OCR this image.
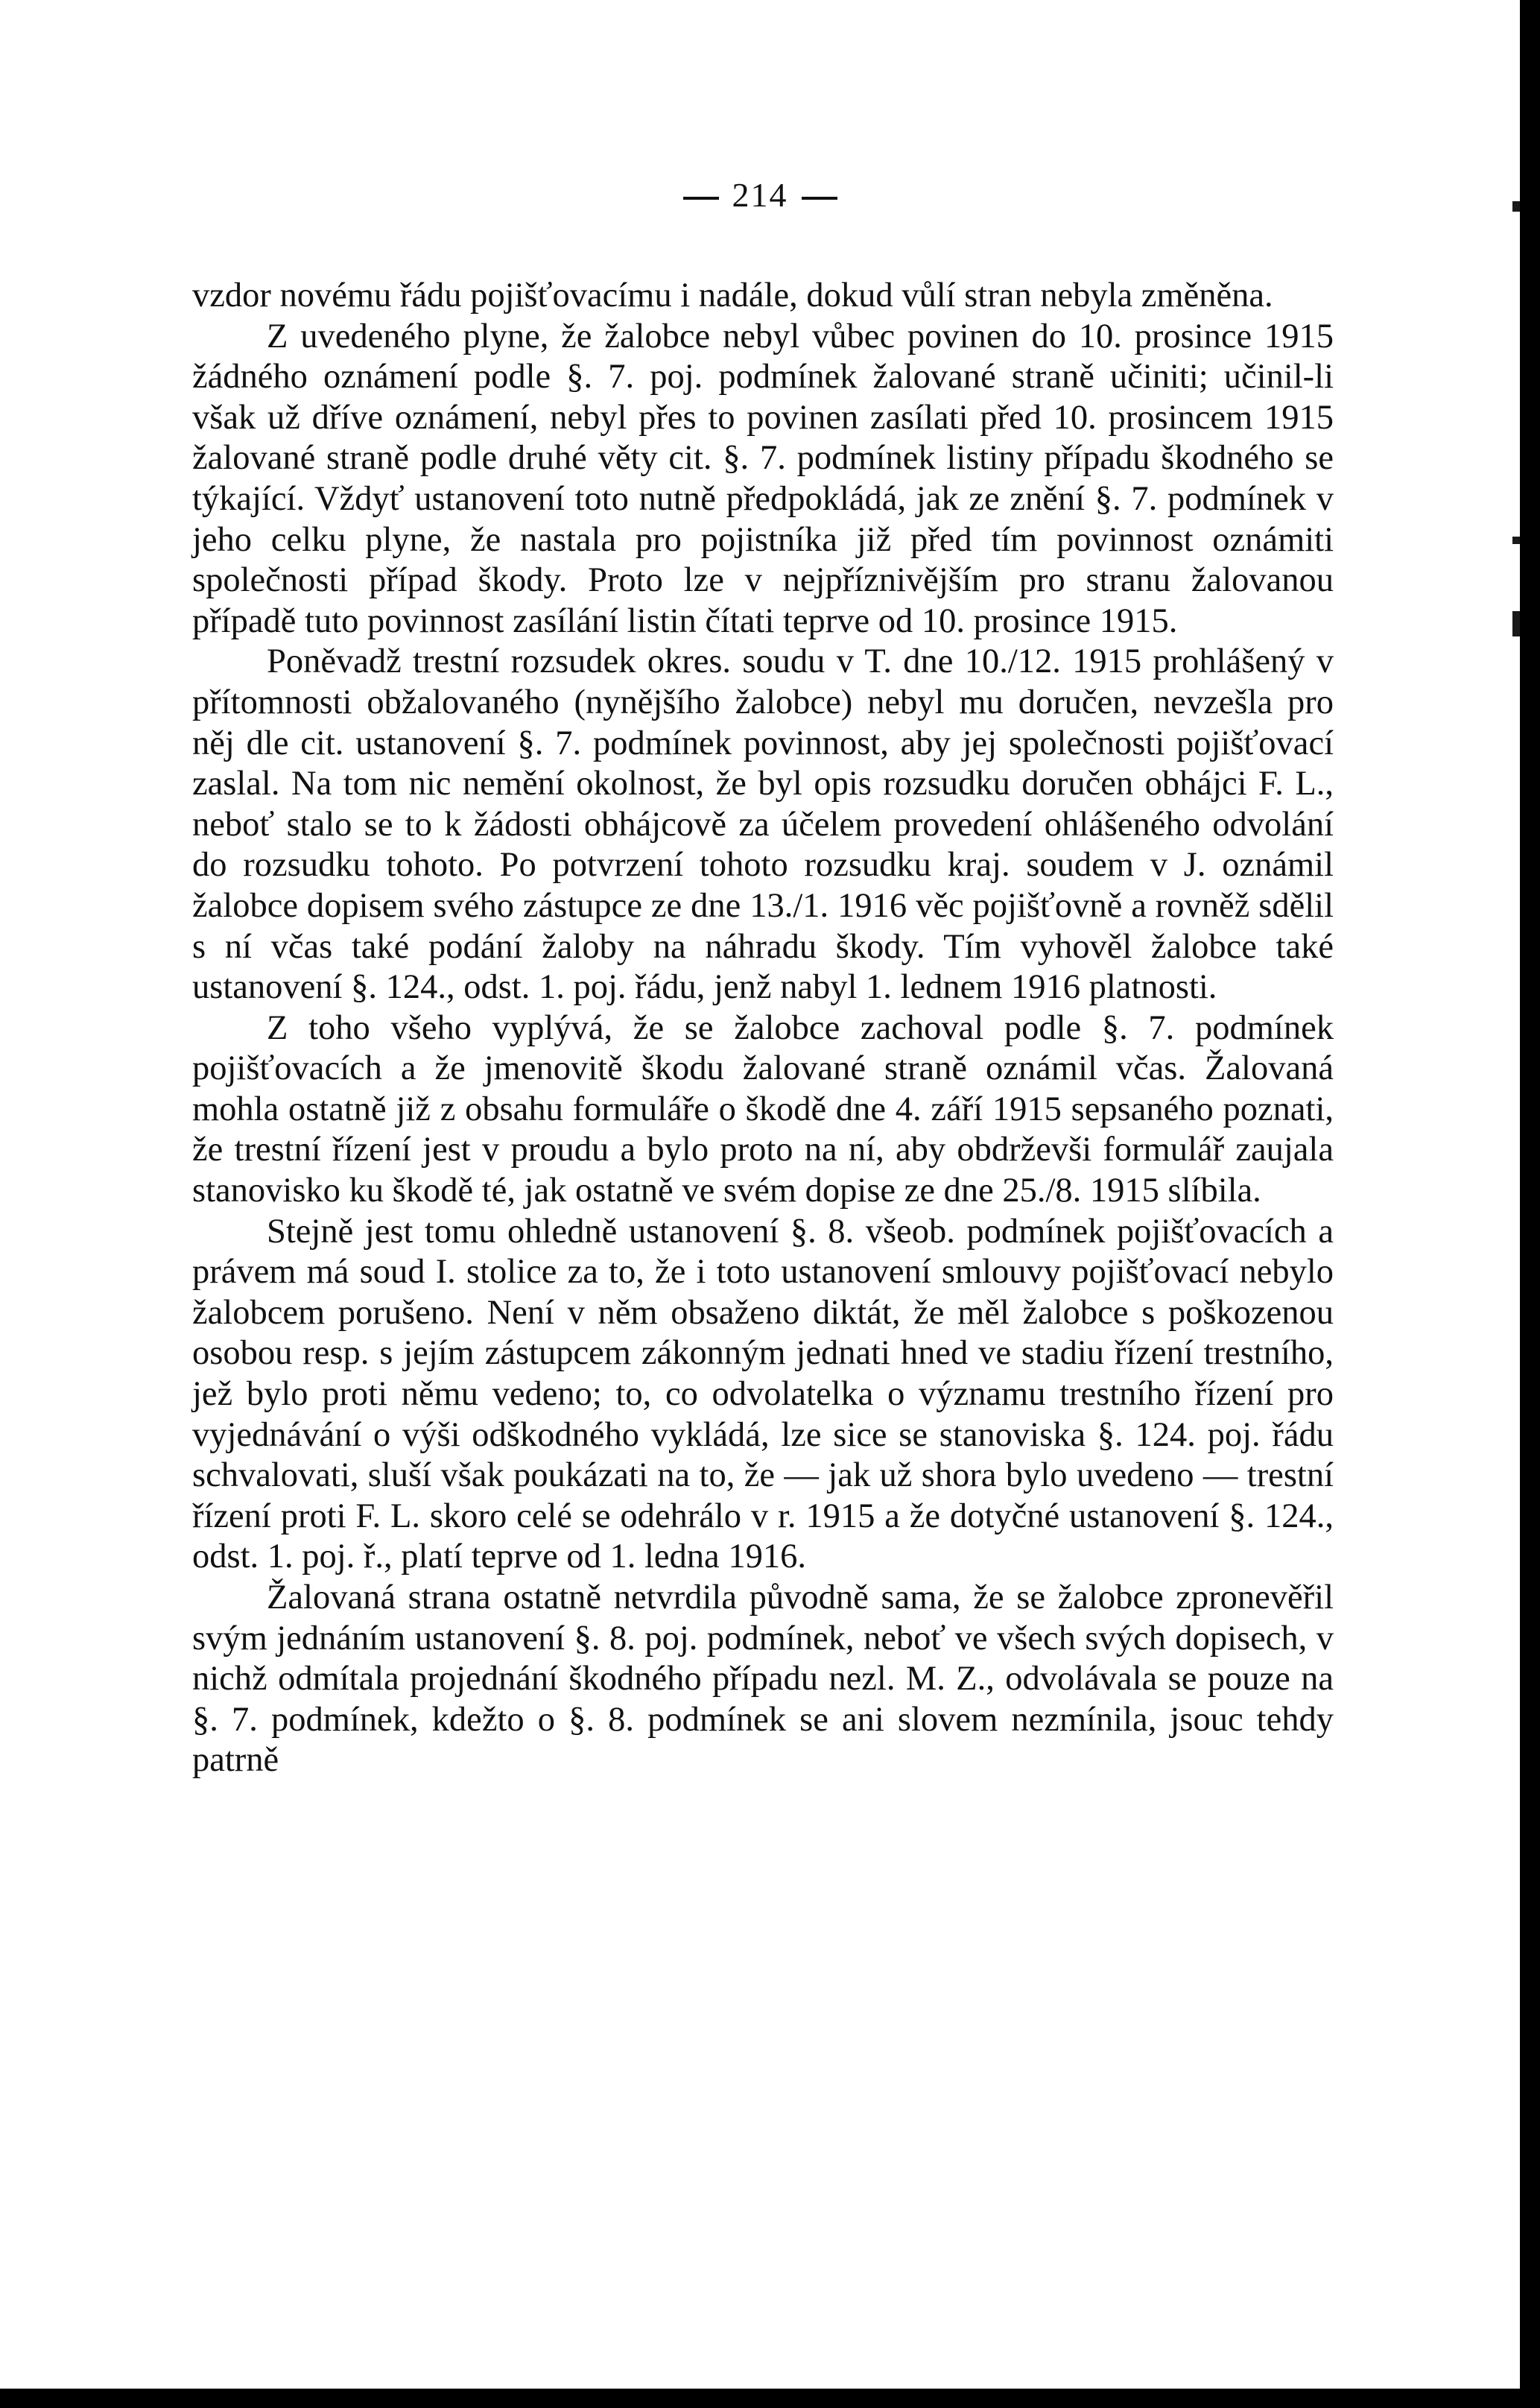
214

vzdor novému řádu pojišťovacímu i nadále, dokud vůlí stran nebyla změněna.

Z uvedeného plyne, že žalobce nebyl vůbec povinen do 10. prosince 1915 žádného oznámení podle §. 7. poj. podmínek žalované straně učiniti; učinil-li však už dříve oznámení, nebyl přes to povinen zasílati před 10. prosincem 1915 žalované straně podle druhé věty cit. §. 7. podmínek listiny případu škodného se týkající. Vždyť ustanovení toto nutně předpokládá, jak ze znění §. 7. podmínek v jeho celku plyne, že nastala pro pojistníka již před tím povinnost oznámiti společnosti případ škody. Proto lze v nejpříznivějším pro stranu žalovanou případě tuto povinnost zasílání listin čítati teprve od 10. prosince 1915.

Poněvadž trestní rozsudek okres. soudu v T. dne 10./12. 1915 prohlášený v přítomnosti obžalovaného (nynějšího žalobce) nebyl mu doručen, nevzešla pro něj dle cit. ustanovení §. 7. podmínek povinnost, aby jej společnosti pojišťovací zaslal. Na tom nic nemění okolnost, že byl opis rozsudku doručen obhájci F. L., neboť stalo se to k žádosti obhájcově za účelem provedení ohlášeného odvolání do rozsudku tohoto. Po potvrzení tohoto rozsudku kraj. soudem v J. oznámil žalobce dopisem svého zástupce ze dne 13./1. 1916 věc pojišťovně a rovněž sdělil s ní včas také podání žaloby na náhradu škody. Tím vyhověl žalobce také ustanovení §. 124., odst. 1. poj. řádu, jenž nabyl 1. lednem 1916 platnosti.

Z toho všeho vyplývá, že se žalobce zachoval podle §. 7. podmínek pojišťovacích a že jmenovitě škodu žalované straně oznámil včas. Žalovaná mohla ostatně již z obsahu formuláře o škodě dne 4. září 1915 sepsaného poznati, že trestní řízení jest v proudu a bylo proto na ní, aby obdrževši formulář zaujala stanovisko ku škodě té, jak ostatně ve svém dopise ze dne 25./8. 1915 slíbila.

Stejně jest tomu ohledně ustanovení §. 8. všeob. podmínek pojišťovacích a právem má soud I. stolice za to, že i toto ustanovení smlouvy pojišťovací nebylo žalobcem porušeno. Není v něm obsaženo diktát, že měl žalobce s poškozenou osobou resp. s jejím zástupcem zákonným jednati hned ve stadiu řízení trestního, jež bylo proti němu vedeno; to, co odvolatelka o významu trestního řízení pro vyjednávání o výši odškodného vykládá, lze sice se stanoviska §. 124. poj. řádu schvalovati, sluší však poukázati na to, že — jak už shora bylo uvedeno — trestní řízení proti F. L. skoro celé se odehrálo v r. 1915 a že dotyčné ustanovení §. 124., odst. 1. poj. ř., platí teprve od 1. ledna 1916.

Žalovaná strana ostatně netvrdila původně sama, že se žalobce zpronevěřil svým jednáním ustanovení §. 8. poj. podmínek, neboť ve všech svých dopisech, v nichž odmítala projednání škodného případu nezl. M. Z., odvolávala se pouze na §. 7. podmínek, kdežto o §. 8. podmínek se ani slovem nezmínila, jsouc tehdy patrně
